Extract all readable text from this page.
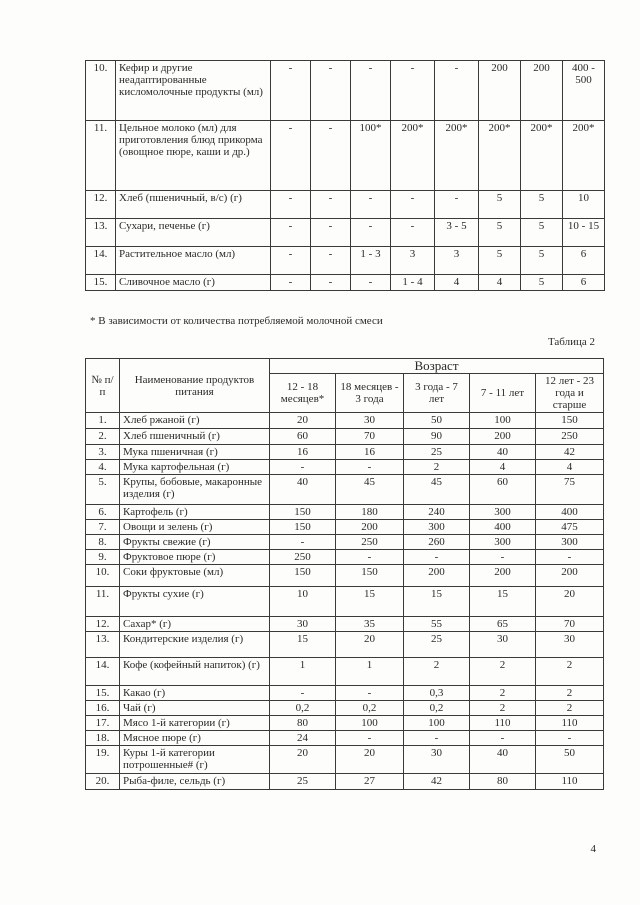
10.	Кефир и другие неадаптированные кисломолочные продукты (мл)	-	-	-	-	-	200	200	400 - 500
11.	Цельное молоко (мл) для приготовления блюд прикорма (овощное пюре, каши и др.)	-	-	100*	200*	200*	200*	200*	200*
12.	Хлеб (пшеничный, в/с) (г)	-	-	-	-	-	5	5	10
13.	Сухари, печенье (г)	-	-	-	-	3 - 5	5	5	10 - 15
14.	Растительное масло (мл)	-	-	1 - 3	3	3	5	5	6
15.	Сливочное масло (г)	-	-	-	1 - 4	4	4	5	6
* В зависимости от количества потребляемой молочной смеси
Таблица 2
№ п/п	Наименование продуктов питания	Возраст				
		12 - 18 месяцев*	18 месяцев - 3 года	3 года - 7 лет	7 - 11 лет	12 лет - 23 года и старше
1.	Хлеб ржаной (г)	20	30	50	100	150
2.	Хлеб пшеничный (г)	60	70	90	200	250
3.	Мука пшеничная (г)	16	16	25	40	42
4.	Мука картофельная (г)	-	-	2	4	4
5.	Крупы, бобовые, макаронные изделия (г)	40	45	45	60	75
6.	Картофель (г)	150	180	240	300	400
7.	Овощи и зелень (г)	150	200	300	400	475
8.	Фрукты свежие (г)	-	250	260	300	300
9.	Фруктовое пюре (г)	250	-	-	-	-
10.	Соки фруктовые (мл)	150	150	200	200	200
11.	Фрукты сухие (г)	10	15	15	15	20
12.	Сахар* (г)	30	35	55	65	70
13.	Кондитерские изделия (г)	15	20	25	30	30
14.	Кофе (кофейный напиток) (г)	1	1	2	2	2
15.	Какао (г)	-	-	0,3	2	2
16.	Чай (г)	0,2	0,2	0,2	2	2
17.	Мясо 1-й категории (г)	80	100	100	110	110
18.	Мясное пюре (г)	24	-	-	-	-
19.	Куры 1-й категории потрошенные# (г)	20	20	30	40	50
20.	Рыба-филе, сельдь (г)	25	27	42	80	110
4
